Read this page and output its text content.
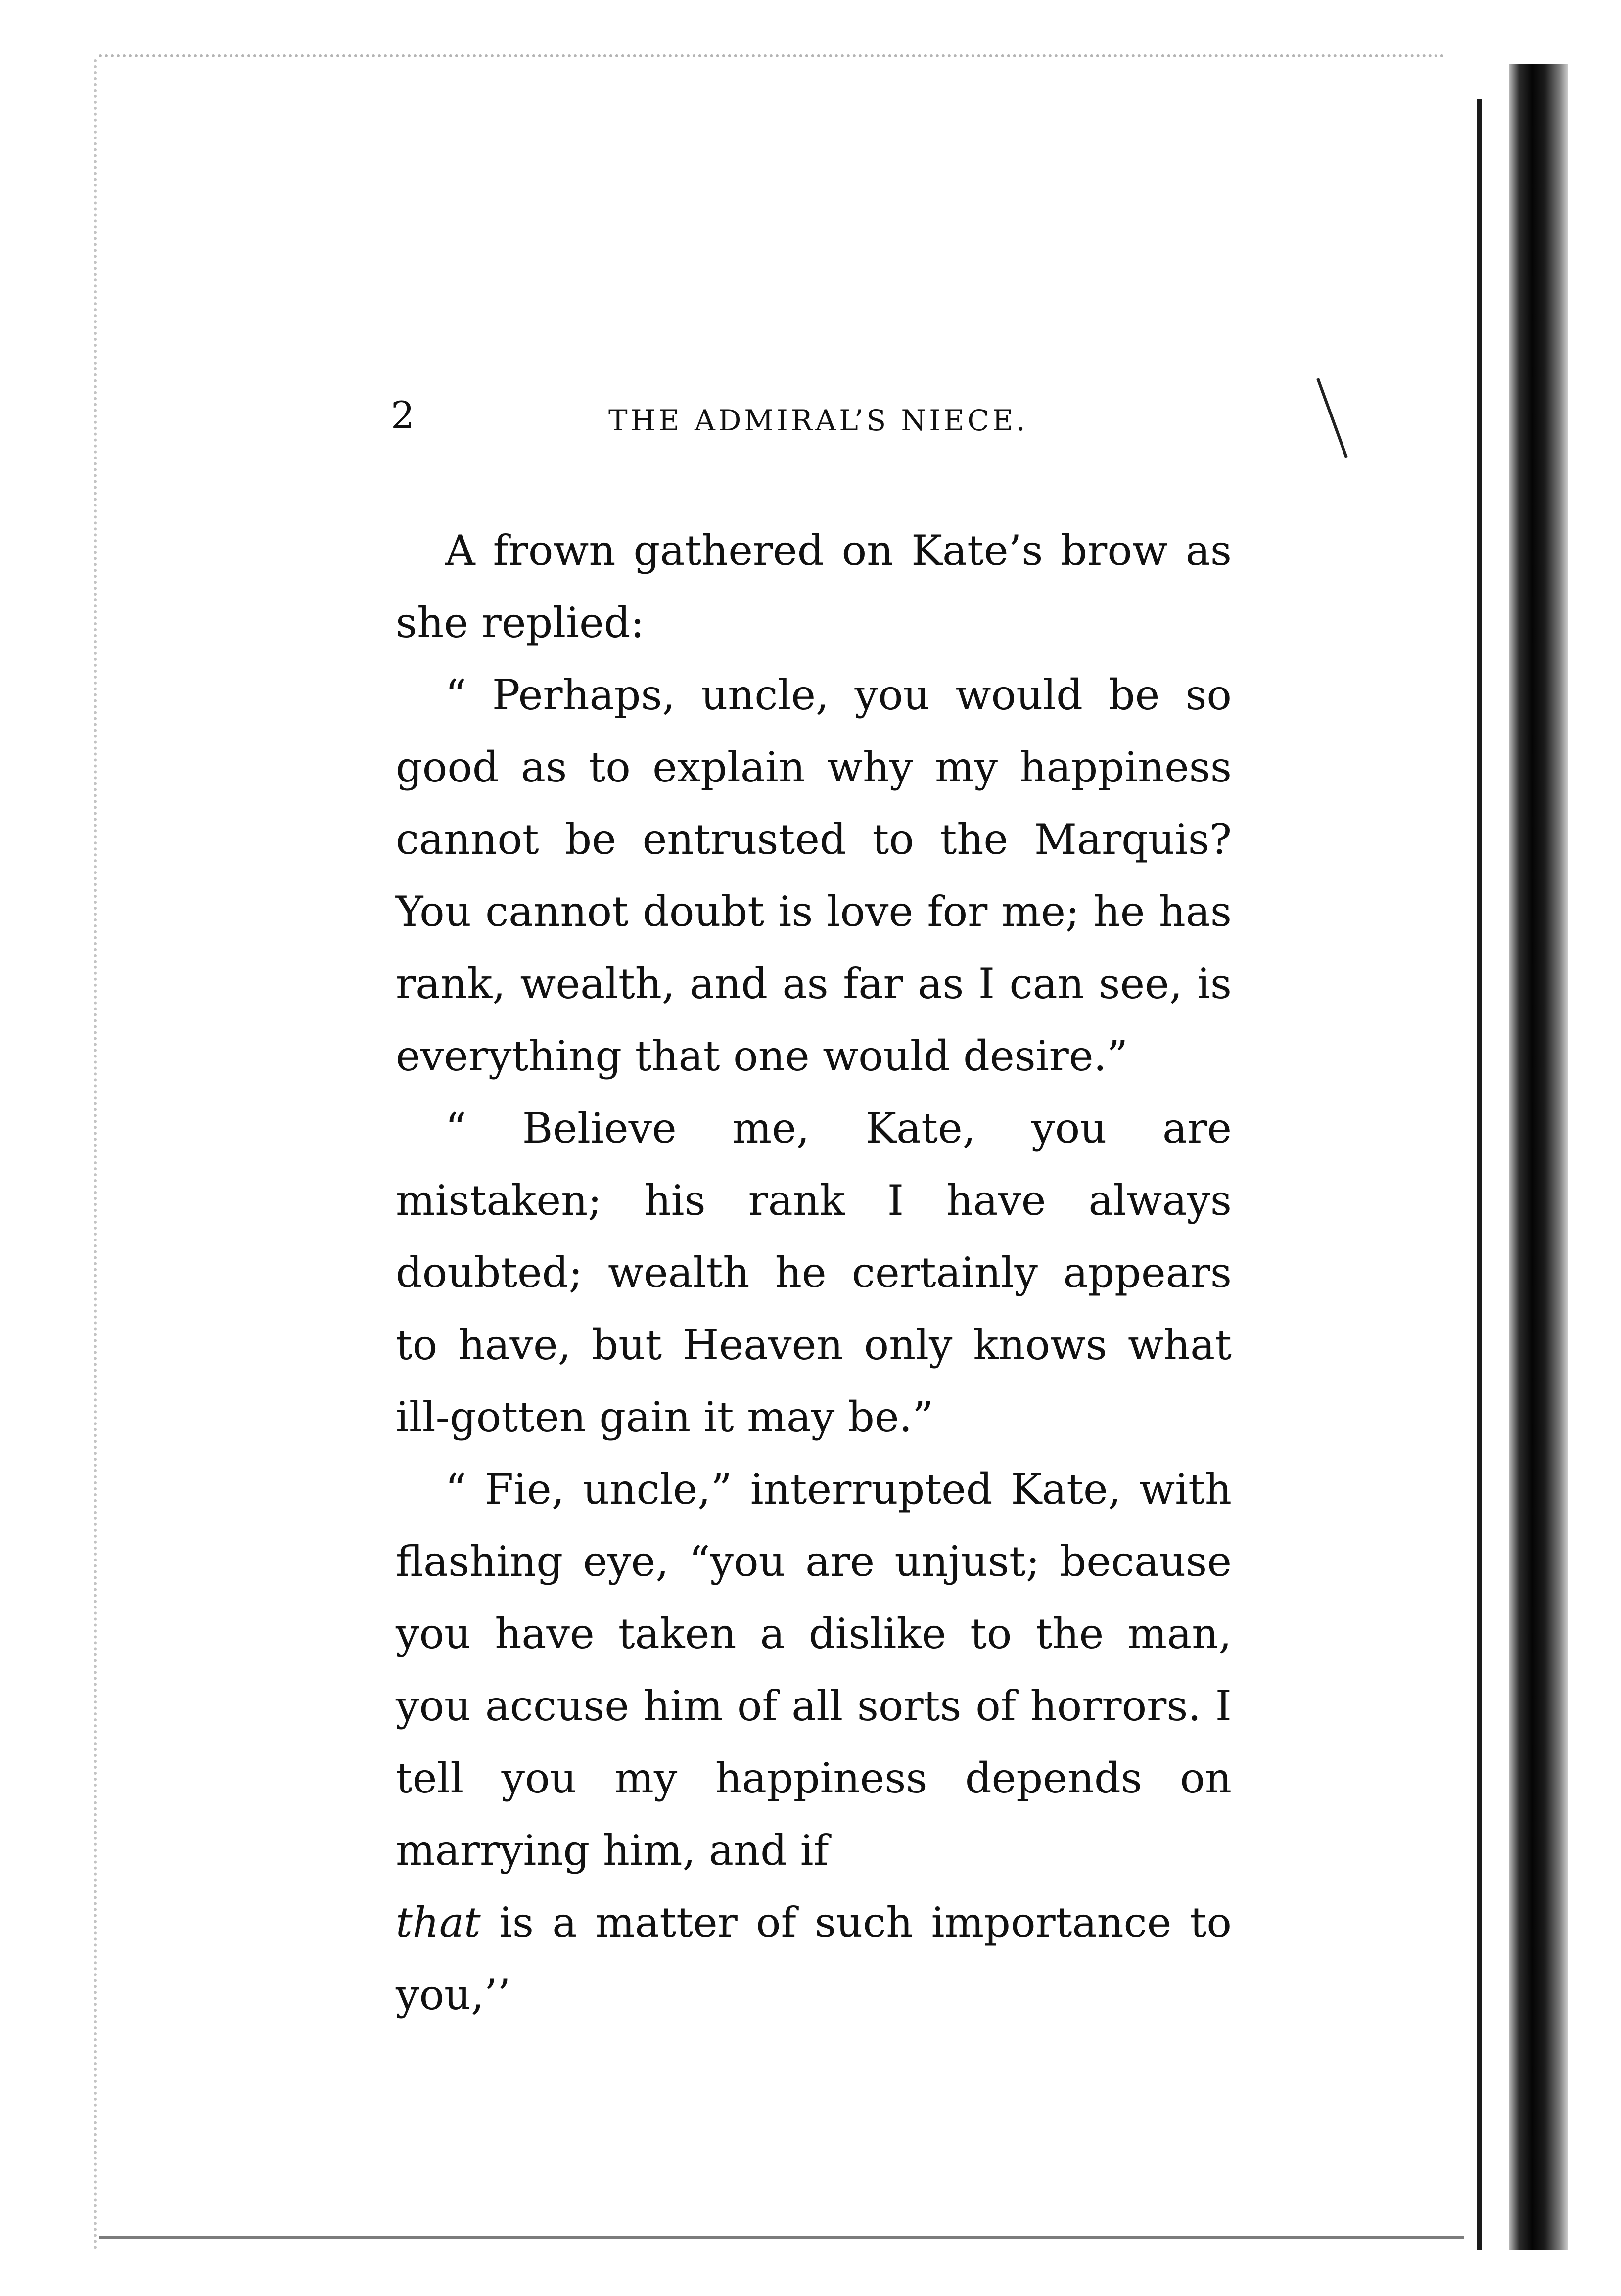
2	THE ADMIRAL’S NIECE.

A frown gathered on Kate’s brow as she replied:

“ Perhaps, uncle, you would be so good as to explain why my happiness cannot be entrusted to the Marquis? You cannot doubt is love for me; he has rank, wealth, and as far as I can see, is everything that one would desire.”

“ Believe me, Kate, you are mistaken; his rank I have always doubted; wealth he certainly appears to have, but Heaven only knows what ill-gotten gain it may be.”

“ Fie, uncle,” interrupted Kate, with flashing eye, “you are unjust; because you have taken a dislike to the man, you accuse him of all sorts of horrors. I tell you my happiness depends on marrying him, and if
that is a matter of such importance to you,’’
